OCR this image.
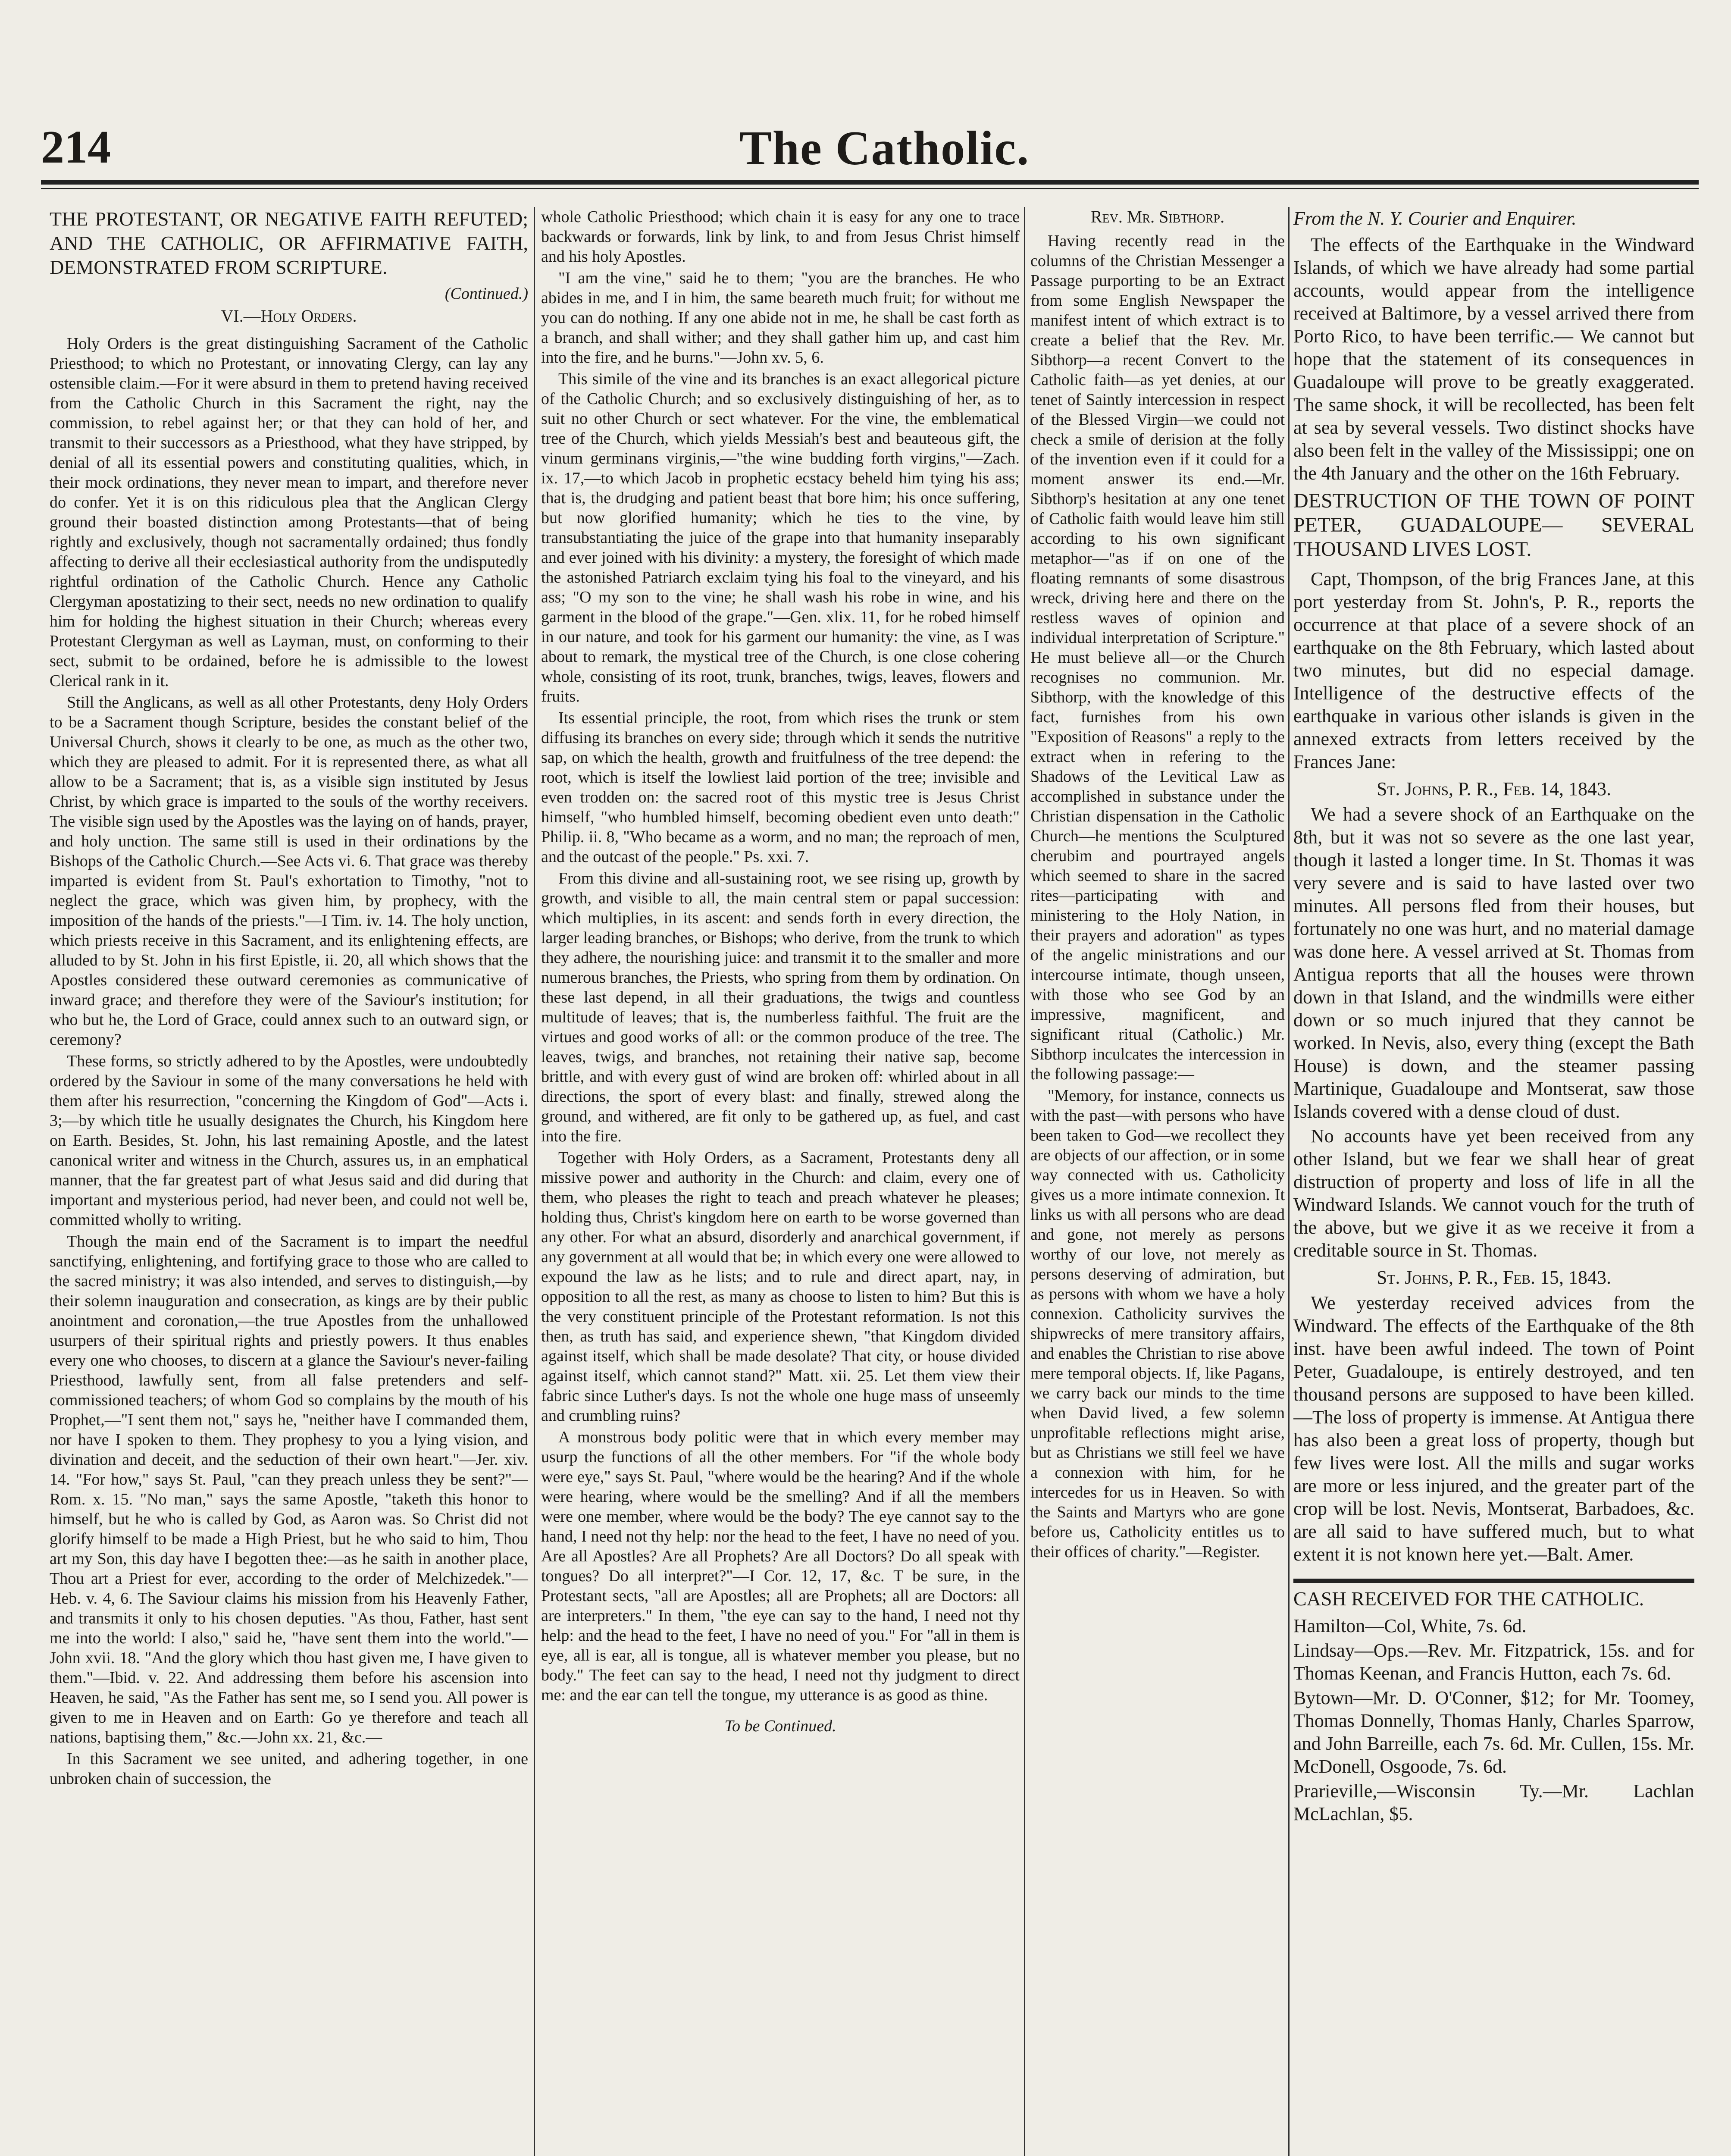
214	The Catholic.
THE PROTESTANT, OR NEGATIVE FAITH REFUTED; AND THE CATHOLIC, OR AFFIRMATIVE FAITH, DEMONSTRATED FROM SCRIPTURE.
(Continued.)
VI.—Holy Orders.

Holy Orders is the great distinguishing Sacrament of the Catholic Priesthood; to which no Protestant, or innovating Clergy, can lay any ostensible claim.—For it were absurd in them to pretend having received from the Catholic Church in this Sacrament the right, nay the commission, to rebel against her; or that they can hold of her, and transmit to their successors as a Priesthood, what they have stripped, by denial of all its essential powers and constituting qualities, which, in their mock ordinations, they never mean to impart, and therefore never do confer. Yet it is on this ridiculous plea that the Anglican Clergy ground their boasted distinction among Protestants—that of being rightly and exclusively, though not sacramentally ordained; thus fondly affecting to derive all their ecclesiastical authority from the undisputedly rightful ordination of the Catholic Church. Hence any Catholic Clergyman apostatizing to their sect, needs no new ordination to qualify him for holding the highest situation in their Church; whereas every Protestant Clergyman as well as Layman, must, on conforming to their sect, submit to be ordained, before he is admissible to the lowest Clerical rank in it.

Still the Anglicans, as well as all other Protestants, deny Holy Orders to be a Sacrament though Scripture, besides the constant belief of the Universal Church, shows it clearly to be one, as much as the other two, which they are pleased to admit. For it is represented there, as what all allow to be a Sacrament; that is, as a visible sign instituted by Jesus Christ, by which grace is imparted to the souls of the worthy receivers. The visible sign used by the Apostles was the laying on of hands, prayer, and holy unction. The same still is used in their ordinations by the Bishops of the Catholic Church.—See Acts vi. 6. That grace was thereby imparted is evident from St. Paul's exhortation to Timothy, "not to neglect the grace, which was given him, by prophecy, with the imposition of the hands of the priests."—I Tim. iv. 14. The holy unction, which priests receive in this Sacrament, and its enlightening effects, are alluded to by St. John in his first Epistle, ii. 20, all which shows that the Apostles considered these outward ceremonies as communicative of inward grace; and therefore they were of the Saviour's institution; for who but he, the Lord of Grace, could annex such to an outward sign, or ceremony?

These forms, so strictly adhered to by the Apostles, were undoubtedly ordered by the Saviour in some of the many conversations he held with them after his resurrection, "concerning the Kingdom of God"—Acts i. 3;—by which title he usually designates the Church, his Kingdom here on Earth. Besides, St. John, his last remaining Apostle, and the latest canonical writer and witness in the Church, assures us, in an emphatical manner, that the far greatest part of what Jesus said and did during that important and mysterious period, had never been, and could not well be, committed wholly to writing.

Though the main end of the Sacrament is to impart the needful sanctifying, enlightening, and fortifying grace to those who are called to the sacred ministry; it was also intended, and serves to distinguish,—by their solemn inauguration and consecration, as kings are by their public anointment and coronation,—the true Apostles from the unhallowed usurpers of their spiritual rights and priestly powers. It thus enables every one who chooses, to discern at a glance the Saviour's never-failing Priesthood, lawfully sent, from all false pretenders and self-commissioned teachers; of whom God so complains by the mouth of his Prophet,—"I sent them not," says he, "neither have I commanded them, nor have I spoken to them. They prophesy to you a lying vision, and divination and deceit, and the seduction of their own heart."—Jer. xiv. 14. "For how," says St. Paul, "can they preach unless they be sent?"—Rom. x. 15. "No man," says the same Apostle, "taketh this honor to himself, but he who is called by God, as Aaron was. So Christ did not glorify himself to be made a High Priest, but he who said to him, Thou art my Son, this day have I begotten thee:—as he saith in another place, Thou art a Priest for ever, according to the order of Melchizedek."—Heb. v. 4, 6. The Saviour claims his mission from his Heavenly Father, and transmits it only to his chosen deputies. "As thou, Father, hast sent me into the world: I also," said he, "have sent them into the world."—John xvii. 18. "And the glory which thou hast given me, I have given to them."—Ibid. v. 22. And addressing them before his ascension into Heaven, he said, "As the Father has sent me, so I send you. All power is given to me in Heaven and on Earth: Go ye therefore and teach all nations, baptising them," &c.—John xx. 21, &c.—

In this Sacrament we see united, and adhering together, in one unbroken chain of succession, the

whole Catholic Priesthood; which chain it is easy for any one to trace backwards or forwards, link by link, to and from Jesus Christ himself and his holy Apostles.

"I am the vine," said he to them; "you are the branches. He who abides in me, and I in him, the same beareth much fruit; for without me you can do nothing. If any one abide not in me, he shall be cast forth as a branch, and shall wither; and they shall gather him up, and cast him into the fire, and he burns."—John xv. 5, 6.

This simile of the vine and its branches is an exact allegorical picture of the Catholic Church; and so exclusively distinguishing of her, as to suit no other Church or sect whatever. For the vine, the emblematical tree of the Church, which yields Messiah's best and beauteous gift, the vinum germinans virginis,—"the wine budding forth virgins,"—Zach. ix. 17,—to which Jacob in prophetic ecstacy beheld him tying his ass; that is, the drudging and patient beast that bore him; his once suffering, but now glorified humanity; which he ties to the vine, by transubstantiating the juice of the grape into that humanity inseparably and ever joined with his divinity: a mystery, the foresight of which made the astonished Patriarch exclaim tying his foal to the vineyard, and his ass; "O my son to the vine; he shall wash his robe in wine, and his garment in the blood of the grape."—Gen. xlix. 11, for he robed himself in our nature, and took for his garment our humanity: the vine, as I was about to remark, the mystical tree of the Church, is one close cohering whole, consisting of its root, trunk, branches, twigs, leaves, flowers and fruits.

Its essential principle, the root, from which rises the trunk or stem diffusing its branches on every side; through which it sends the nutritive sap, on which the health, growth and fruitfulness of the tree depend: the root, which is itself the lowliest laid portion of the tree; invisible and even trodden on: the sacred root of this mystic tree is Jesus Christ himself, "who humbled himself, becoming obedient even unto death:" Philip. ii. 8, "Who became as a worm, and no man; the reproach of men, and the outcast of the people." Ps. xxi. 7.

From this divine and all-sustaining root, we see rising up, growth by growth, and visible to all, the main central stem or papal succession: which multiplies, in its ascent: and sends forth in every direction, the larger leading branches, or Bishops; who derive, from the trunk to which they adhere, the nourishing juice: and transmit it to the smaller and more numerous branches, the Priests, who spring from them by ordination. On these last depend, in all their graduations, the twigs and countless multitude of leaves; that is, the numberless faithful. The fruit are the virtues and good works of all: or the common produce of the tree. The leaves, twigs, and branches, not retaining their native sap, become brittle, and with every gust of wind are broken off: whirled about in all directions, the sport of every blast: and finally, strewed along the ground, and withered, are fit only to be gathered up, as fuel, and cast into the fire.

Together with Holy Orders, as a Sacrament, Protestants deny all missive power and authority in the Church: and claim, every one of them, who pleases the right to teach and preach whatever he pleases; holding thus, Christ's kingdom here on earth to be worse governed than any other. For what an absurd, disorderly and anarchical government, if any government at all would that be; in which every one were allowed to expound the law as he lists; and to rule and direct apart, nay, in opposition to all the rest, as many as choose to listen to him? But this is the very constituent principle of the Protestant reformation. Is not this then, as truth has said, and experience shewn, "that Kingdom divided against itself, which shall be made desolate? That city, or house divided against itself, which cannot stand?" Matt. xii. 25. Let them view their fabric since Luther's days. Is not the whole one huge mass of unseemly and crumbling ruins?

A monstrous body politic were that in which every member may usurp the functions of all the other members. For "if the whole body were eye," says St. Paul, "where would be the hearing? And if the whole were hearing, where would be the smelling? And if all the members were one member, where would be the body? The eye cannot say to the hand, I need not thy help: nor the head to the feet, I have no need of you. Are all Apostles? Are all Prophets? Are all Doctors? Do all speak with tongues? Do all interpret?"—I Cor. 12, 17, &c. T be sure, in the Protestant sects, "all are Apostles; all are Prophets; all are Doctors: all are interpreters." In them, "the eye can say to the hand, I need not thy help: and the head to the feet, I have no need of you." For "all in them is eye, all is ear, all is tongue, all is whatever member you please, but no body." The feet can say to the head, I need not thy judgment to direct me: and the ear can tell the tongue, my utterance is as good as thine.

To be Continued.
Rev. Mr. Sibthorp.

Having recently read in the columns of the Christian Messenger a Passage purporting to be an Extract from some English Newspaper the manifest intent of which extract is to create a belief that the Rev. Mr. Sibthorp—a recent Convert to the Catholic faith—as yet denies, at our tenet of Saintly intercession in respect of the Blessed Virgin—we could not check a smile of derision at the folly of the invention even if it could for a moment answer its end.—Mr. Sibthorp's hesitation at any one tenet of Catholic faith would leave him still according to his own significant metaphor—"as if on one of the floating remnants of some disastrous wreck, driving here and there on the restless waves of opinion and individual interpretation of Scripture." He must believe all—or the Church recognises no communion. Mr. Sibthorp, with the knowledge of this fact, furnishes from his own "Exposition of Reasons" a reply to the extract when in refering to the Shadows of the Levitical Law as accomplished in substance under the Christian dispensation in the Catholic Church—he mentions the Sculptured cherubim and pourtrayed angels which seemed to share in the sacred rites—participating with and ministering to the Holy Nation, in their prayers and adoration" as types of the angelic ministrations and our intercourse intimate, though unseen, with those who see God by an impressive, magnificent, and significant ritual (Catholic.) Mr. Sibthorp inculcates the intercession in the following passage:—

"Memory, for instance, connects us with the past—with persons who have been taken to God—we recollect they are objects of our affection, or in some way connected with us. Catholicity gives us a more intimate connexion. It links us with all persons who are dead and gone, not merely as persons worthy of our love, not merely as persons deserving of admiration, but as persons with whom we have a holy connexion. Catholicity survives the shipwrecks of mere transitory affairs, and enables the Christian to rise above mere temporal objects. If, like Pagans, we carry back our minds to the time when David lived, a few solemn unprofitable reflections might arise, but as Christians we still feel we have a connexion with him, for he intercedes for us in Heaven. So with the Saints and Martyrs who are gone before us, Catholicity entitles us to their offices of charity."—Register.

From the N. Y. Courier and Enquirer.

The effects of the Earthquake in the Windward Islands, of which we have already had some partial accounts, would appear from the intelligence received at Baltimore, by a vessel arrived there from Porto Rico, to have been terrific.— We cannot but hope that the statement of its consequences in Guadaloupe will prove to be greatly exaggerated. The same shock, it will be recollected, has been felt at sea by several vessels. Two distinct shocks have also been felt in the valley of the Mississippi; one on the 4th January and the other on the 16th February.

DESTRUCTION OF THE TOWN OF POINT PETER, GUADALOUPE— SEVERAL THOUSAND LIVES LOST.

Capt, Thompson, of the brig Frances Jane, at this port yesterday from St. John's, P. R., reports the occurrence at that place of a severe shock of an earthquake on the 8th February, which lasted about two minutes, but did no especial damage. Intelligence of the destructive effects of the earthquake in various other islands is given in the annexed extracts from letters received by the Frances Jane:

St. Johns, P. R., Feb. 14, 1843.

We had a severe shock of an Earthquake on the 8th, but it was not so severe as the one last year, though it lasted a longer time. In St. Thomas it was very severe and is said to have lasted over two minutes. All persons fled from their houses, but fortunately no one was hurt, and no material damage was done here. A vessel arrived at St. Thomas from Antigua reports that all the houses were thrown down in that Island, and the windmills were either down or so much injured that they cannot be worked. In Nevis, also, every thing (except the Bath House) is down, and the steamer passing Martinique, Guadaloupe and Montserat, saw those Islands covered with a dense cloud of dust.

No accounts have yet been received from any other Island, but we fear we shall hear of great distruction of property and loss of life in all the Windward Islands. We cannot vouch for the truth of the above, but we give it as we receive it from a creditable source in St. Thomas.

St. Johns, P. R., Feb. 15, 1843.

We yesterday received advices from the Windward. The effects of the Earthquake of the 8th inst. have been awful indeed. The town of Point Peter, Guadaloupe, is entirely destroyed, and ten thousand persons are supposed to have been killed.—The loss of property is immense. At Antigua there has also been a great loss of property, though but few lives were lost. All the mills and sugar works are more or less injured, and the greater part of the crop will be lost. Nevis, Montserat, Barbadoes, &c. are all said to have suffered much, but to what extent it is not known here yet.—Balt. Amer.

CASH RECEIVED FOR THE CATHOLIC.

Hamilton—Col, White, 7s. 6d.

Lindsay—Ops.—Rev. Mr. Fitzpatrick, 15s. and for Thomas Keenan, and Francis Hutton, each 7s. 6d.

Bytown—Mr. D. O'Conner, $12; for Mr. Toomey, Thomas Donnelly, Thomas Hanly, Charles Sparrow, and John Barreille, each 7s. 6d. Mr. Cullen, 15s. Mr. McDonell, Osgoode, 7s. 6d.

Prarieville,—Wisconsin Ty.—Mr. Lachlan McLachlan, $5.
